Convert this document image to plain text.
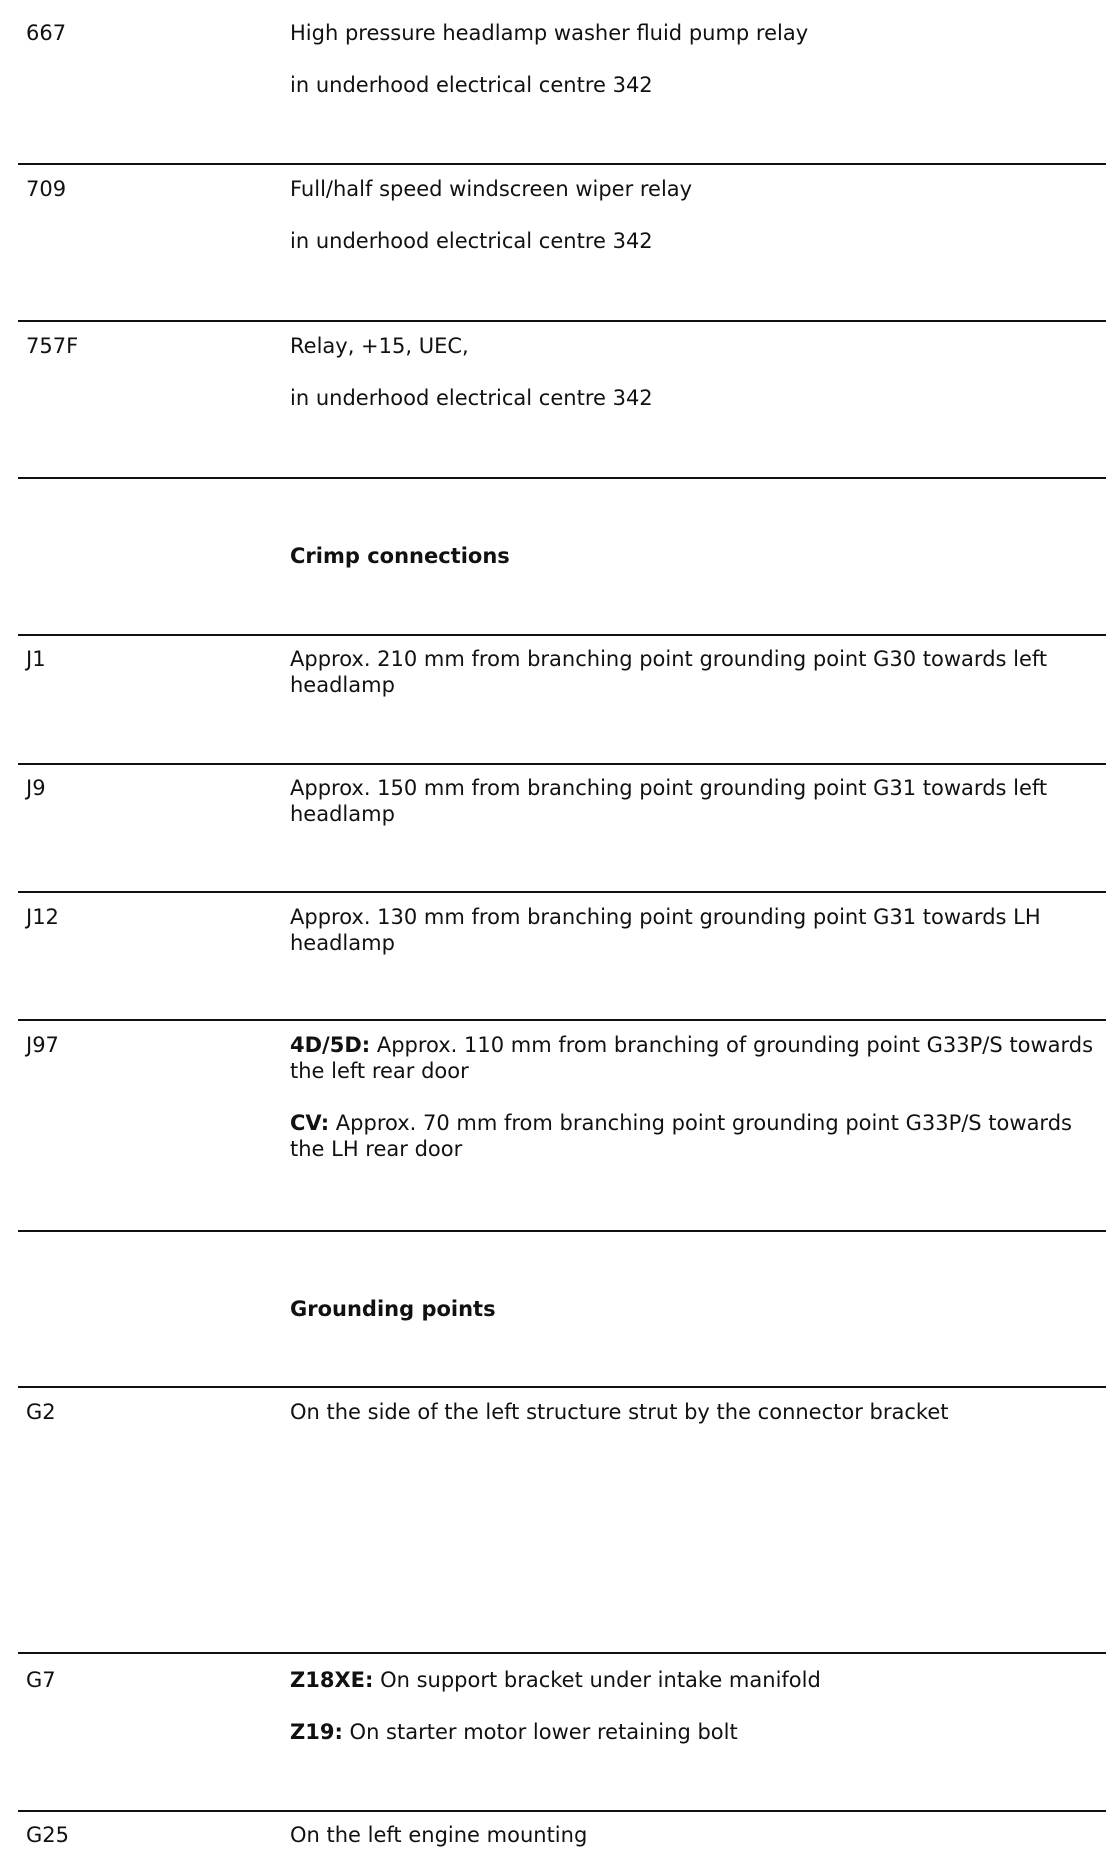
667	High pressure headlamp washer fluid pump relay
in underhood electrical centre 342
709	Full/half speed windscreen wiper relay
in underhood electrical centre 342
757F	Relay, +15, UEC,
in underhood electrical centre 342
Crimp connections
J1	Approx. 210 mm from branching point grounding point G30 towards left headlamp
J9	Approx. 150 mm from branching point grounding point G31 towards left headlamp
J12	Approx. 130 mm from branching point grounding point G31 towards LH headlamp
J97	4D/5D: Approx. 110 mm from branching of grounding point G33P/S towards the left rear door
CV: Approx. 70 mm from branching point grounding point G33P/S towards the LH rear door
Grounding points
G2	On the side of the left structure strut by the connector bracket
G7	Z18XE: On support bracket under intake manifold
Z19: On starter motor lower retaining bolt
G25	On the left engine mounting
